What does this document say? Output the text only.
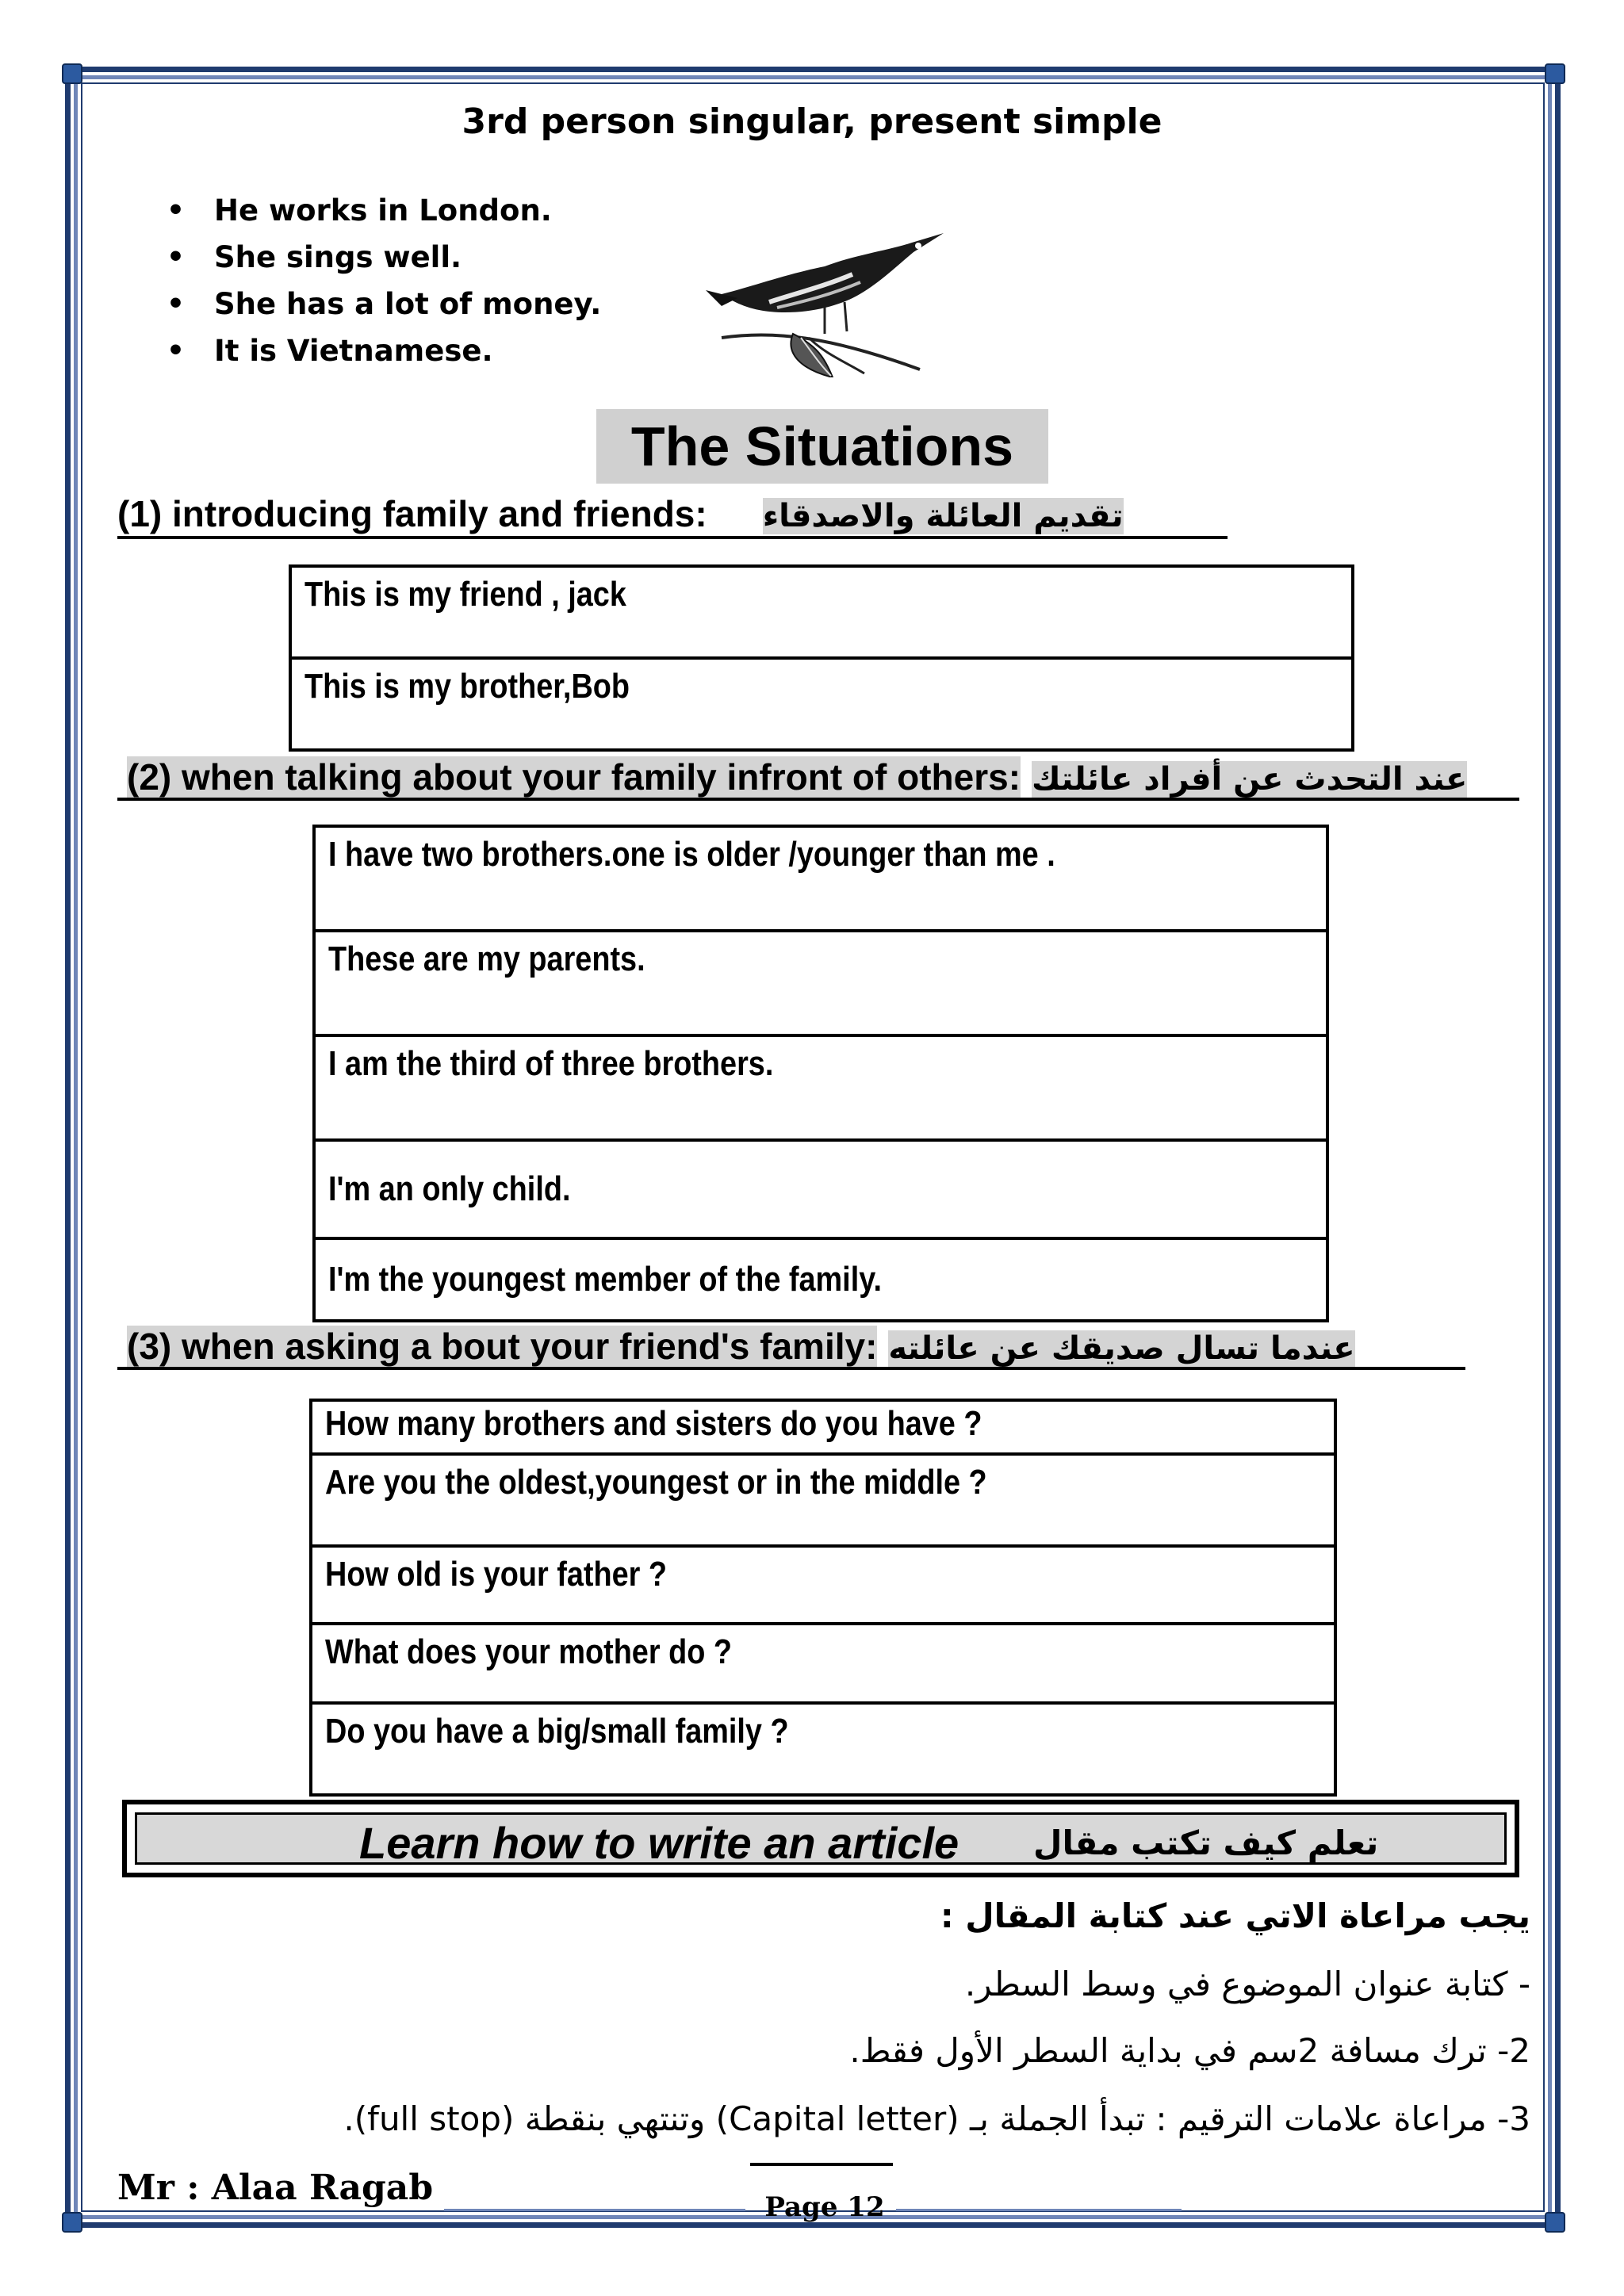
3rd person singular, present simple
• He works in London.
• She sings well.
• She has a lot of money.
• It is Vietnamese.
The Situations
(1) introducing family and friends: تقديم العائلة والاصدقاء
This is my friend , jack
This is my brother,Bob
(2) when talking about your family infront of others: عند التحدث عن أفراد عائلتك
I have two brothers.one is older /younger than me .
These are my parents.
I am the third of three brothers.
I'm an only child.
I'm the youngest member of the family.
(3) when asking a bout your friend's family: عندما تسال صديقك عن عائلته
How many brothers and sisters do you have ?
Are you the oldest,youngest or in the middle ?
How old is your father ?
What does your mother do ?
Do you have a big/small family ?
Learn how to write an article تعلم كيف تكتب مقال
يجب مراعاة الاتي عند كتابة المقال :
- كتابة عنوان الموضوع في وسط السطر.
2- ترك مسافة 2سم في بداية السطر الأول فقط.
3- مراعاة علامات الترقيم : تبدأ الجملة بـ (Capital letter) وتنتهي بنقطة (full stop).
Mr : Alaa Ragab	Page 12
